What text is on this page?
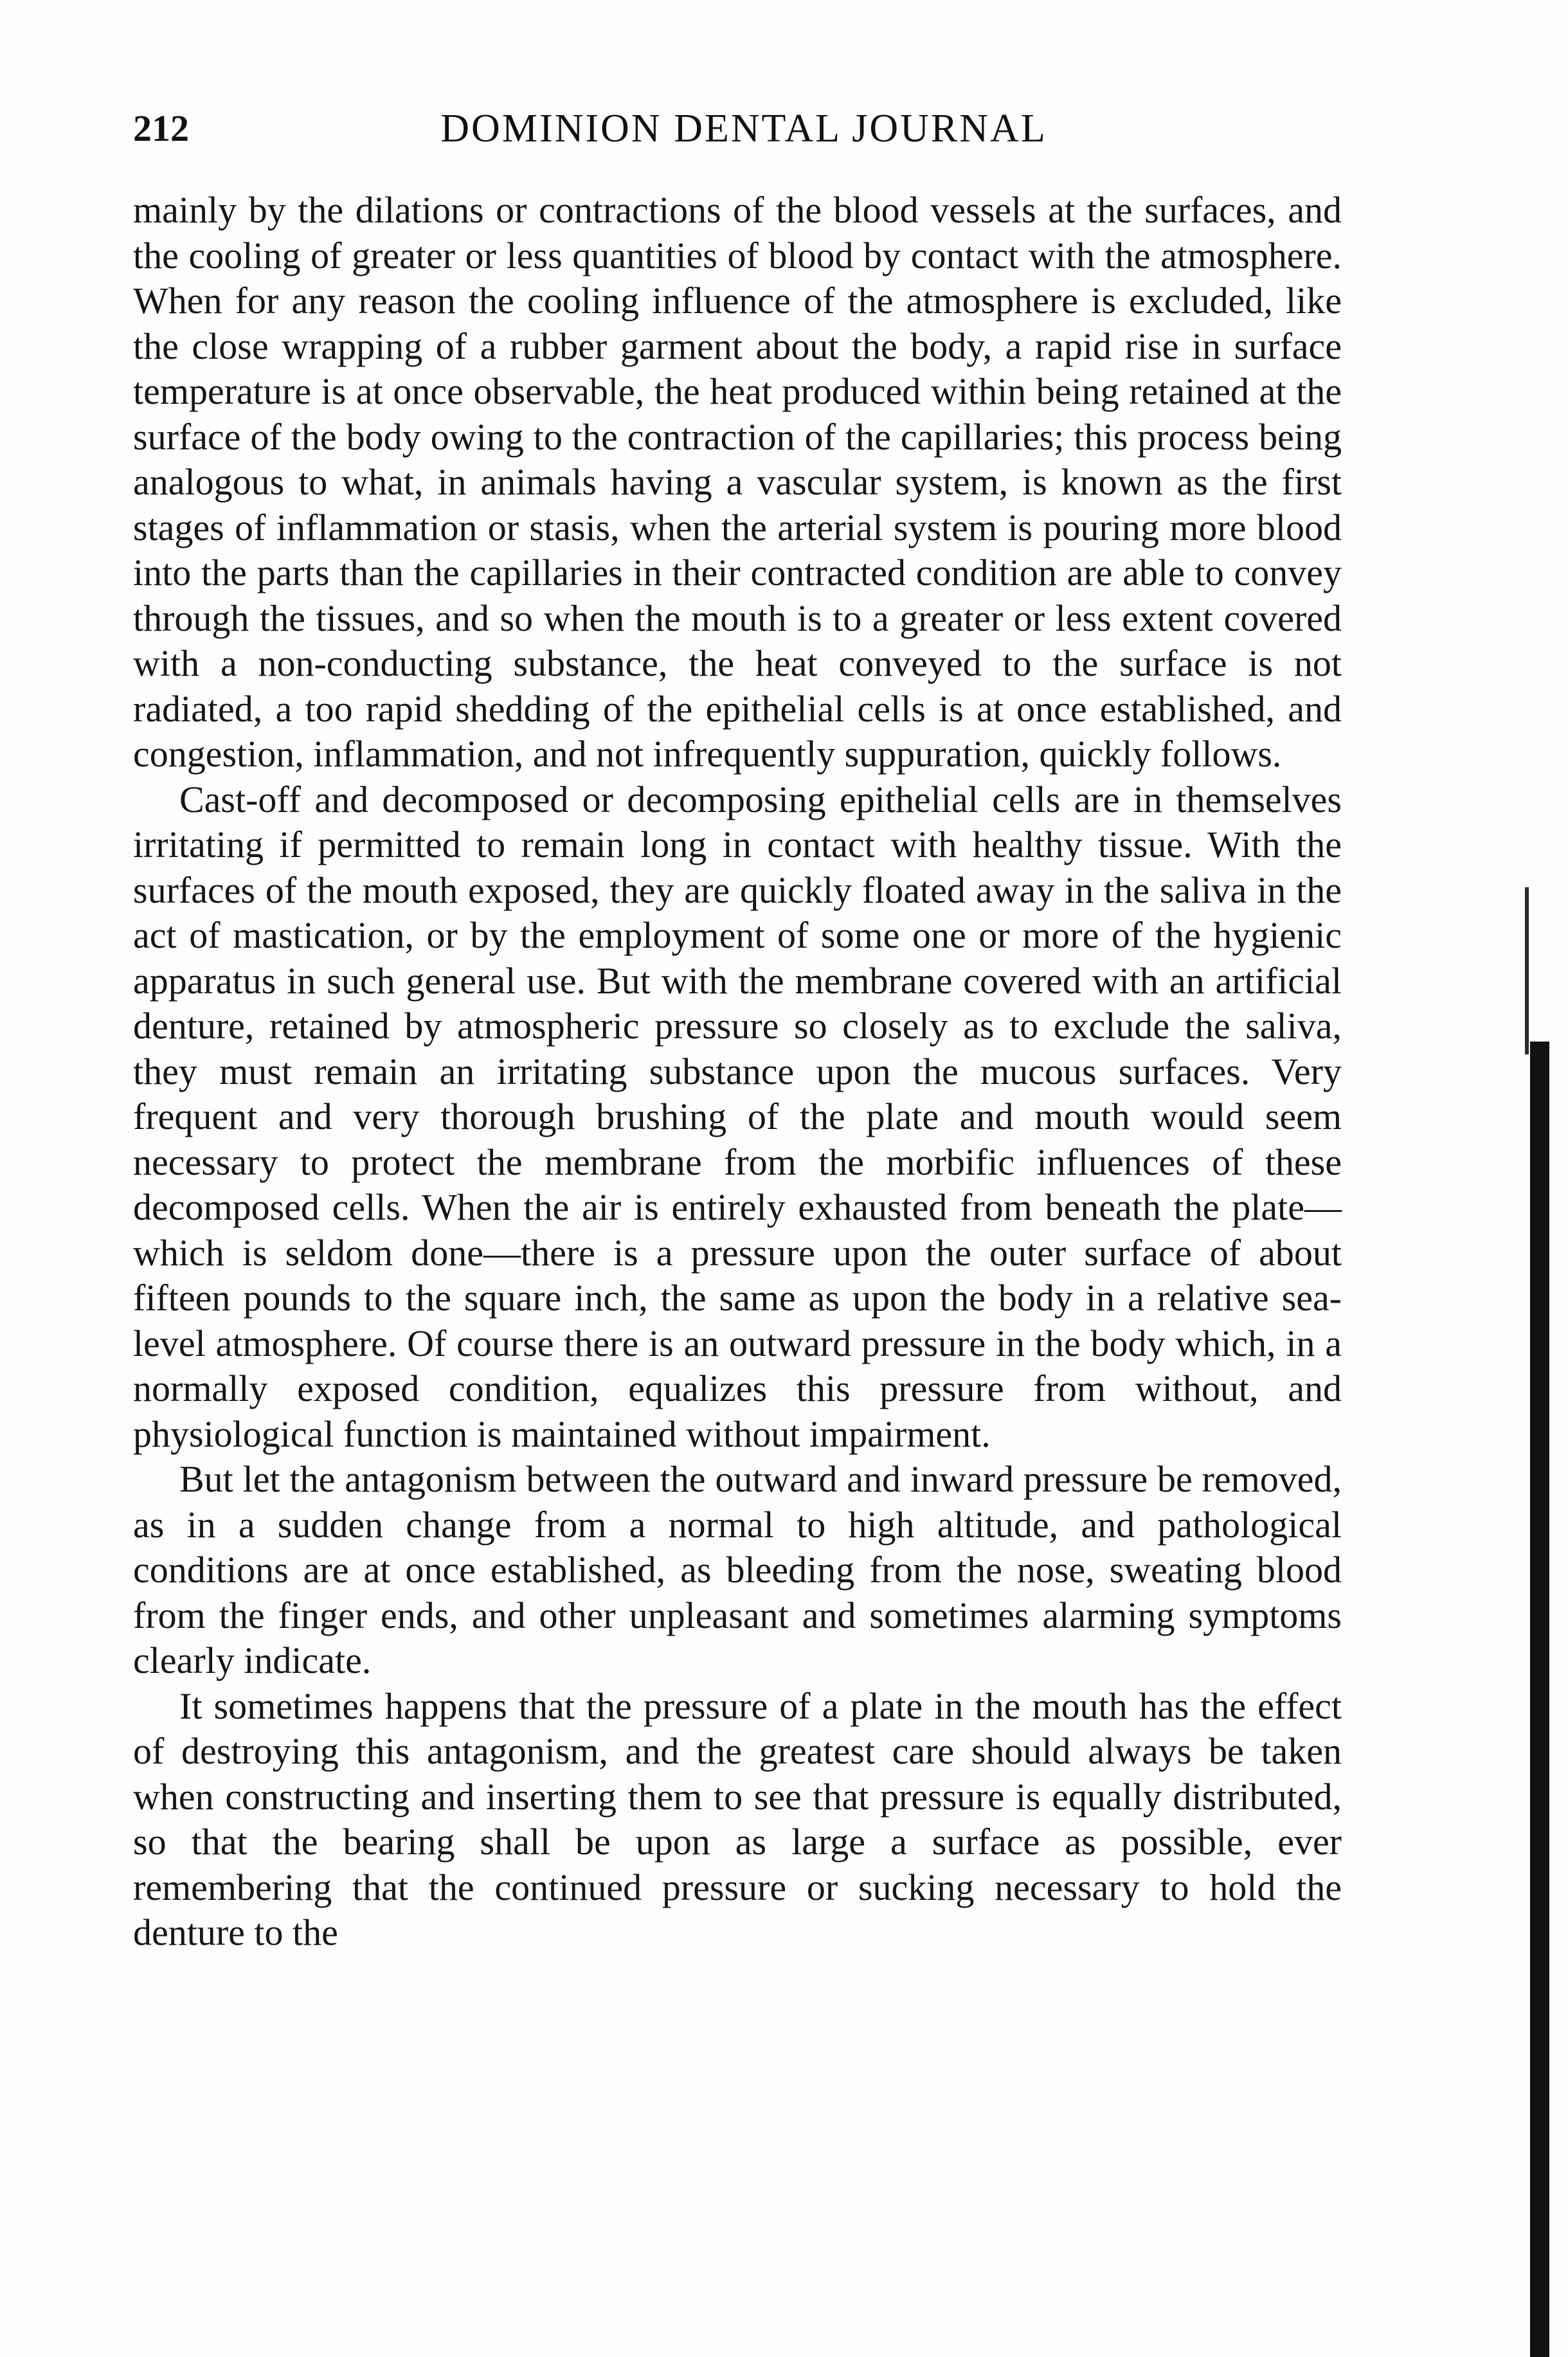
212	DOMINION DENTAL JOURNAL

mainly by the dilations or contractions of the blood vessels at the surfaces, and the cooling of greater or less quantities of blood by contact with the atmosphere. When for any reason the cooling influence of the atmosphere is excluded, like the close wrapping of a rubber garment about the body, a rapid rise in surface temperature is at once observable, the heat produced within being retained at the surface of the body owing to the contraction of the capillaries; this process being analogous to what, in animals having a vascular system, is known as the first stages of inflammation or stasis, when the arterial system is pouring more blood into the parts than the capillaries in their contracted condition are able to convey through the tissues, and so when the mouth is to a greater or less extent covered with a non-conducting substance, the heat conveyed to the surface is not radiated, a too rapid shedding of the epithelial cells is at once established, and congestion, inflammation, and not infrequently suppuration, quickly follows.

Cast-off and decomposed or decomposing epithelial cells are in themselves irritating if permitted to remain long in contact with healthy tissue. With the surfaces of the mouth exposed, they are quickly floated away in the saliva in the act of mastication, or by the employment of some one or more of the hygienic apparatus in such general use. But with the membrane covered with an artificial denture, retained by atmospheric pressure so closely as to exclude the saliva, they must remain an irritating substance upon the mucous surfaces. Very frequent and very thorough brushing of the plate and mouth would seem necessary to protect the membrane from the morbific influences of these decomposed cells. When the air is entirely exhausted from beneath the plate—which is seldom done—there is a pressure upon the outer surface of about fifteen pounds to the square inch, the same as upon the body in a relative sea-level atmosphere. Of course there is an outward pressure in the body which, in a normally exposed condition, equalizes this pressure from without, and physiological function is maintained without impairment.

But let the antagonism between the outward and inward pressure be removed, as in a sudden change from a normal to high altitude, and pathological conditions are at once established, as bleeding from the nose, sweating blood from the finger ends, and other unpleasant and sometimes alarming symptoms clearly indicate.

It sometimes happens that the pressure of a plate in the mouth has the effect of destroying this antagonism, and the greatest care should always be taken when constructing and inserting them to see that pressure is equally distributed, so that the bearing shall be upon as large a surface as possible, ever remembering that the continued pressure or sucking necessary to hold the denture to the
